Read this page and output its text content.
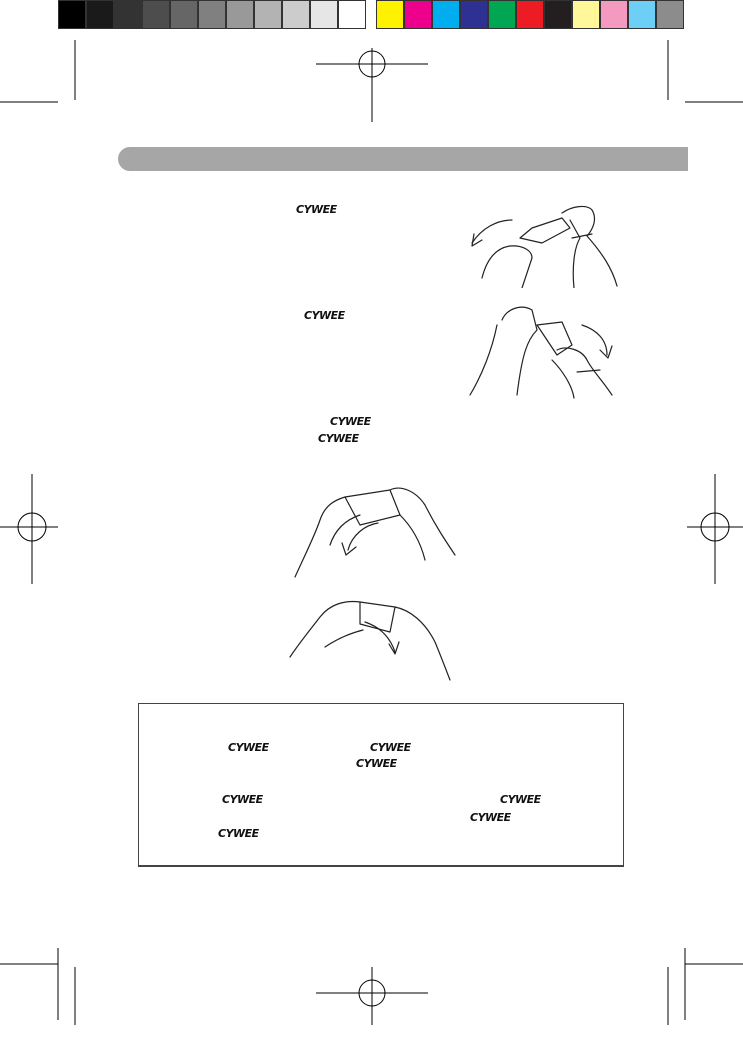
CYWEE
CYWEE
CYWEE
CYWEE
CYWEE	CYWEE
CYWEE
CYWEE	CYWEE
CYWEE
CYWEE
